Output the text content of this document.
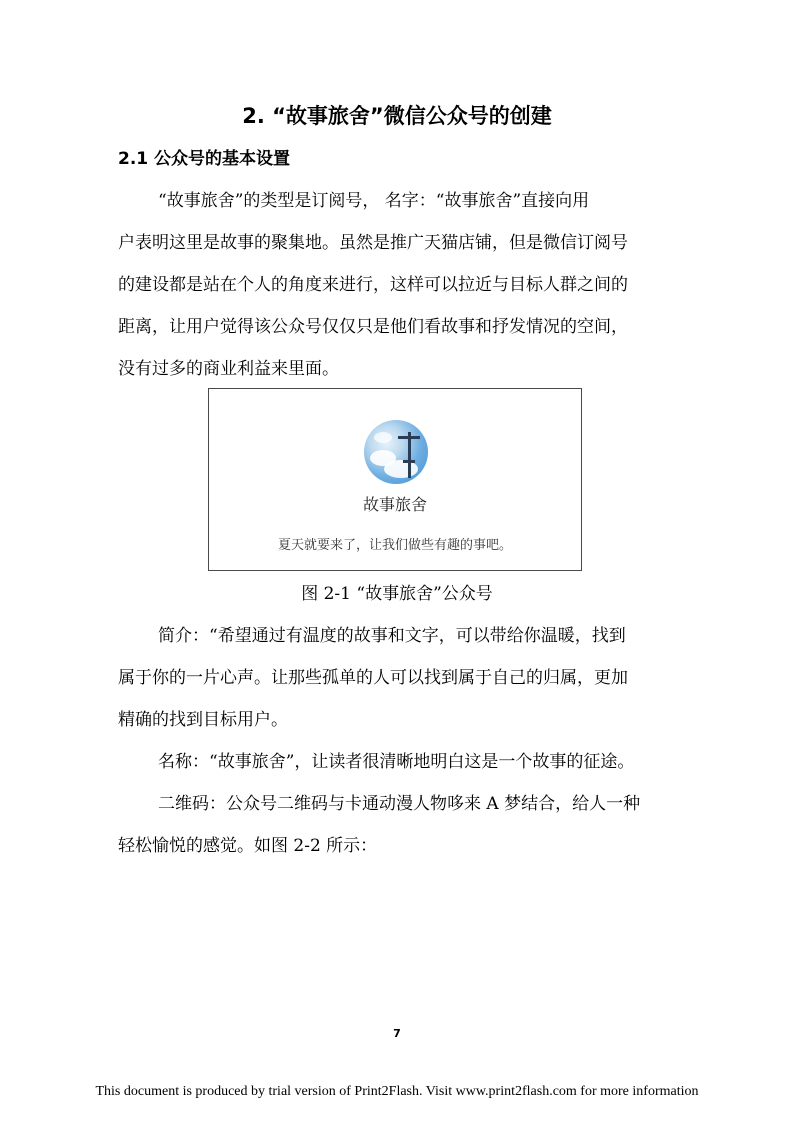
2. “故事旅舍”微信公众号的创建
2.1 公众号的基本设置
“故事旅舍”的类型是订阅号， 名字：“故事旅舍”直接向用
户表明这里是故事的聚集地。虽然是推广天猫店铺，但是微信订阅号
的建设都是站在个人的角度来进行，这样可以拉近与目标人群之间的
距离，让用户觉得该公众号仅仅只是他们看故事和抒发情况的空间，
没有过多的商业利益来里面。
故事旅舍
夏天就要来了，让我们做些有趣的事吧。
图 2-1 “故事旅舍”公众号
简介：“希望通过有温度的故事和文字，可以带给你温暖，找到
属于你的一片心声。让那些孤单的人可以找到属于自己的归属，更加
精确的找到目标用户。
名称：“故事旅舍”，让读者很清晰地明白这是一个故事的征途。
二维码：公众号二维码与卡通动漫人物哆来 A 梦结合，给人一种
轻松愉悦的感觉。如图 2-2 所示：
7
This document is produced by trial version of Print2Flash. Visit www.print2flash.com for more information
